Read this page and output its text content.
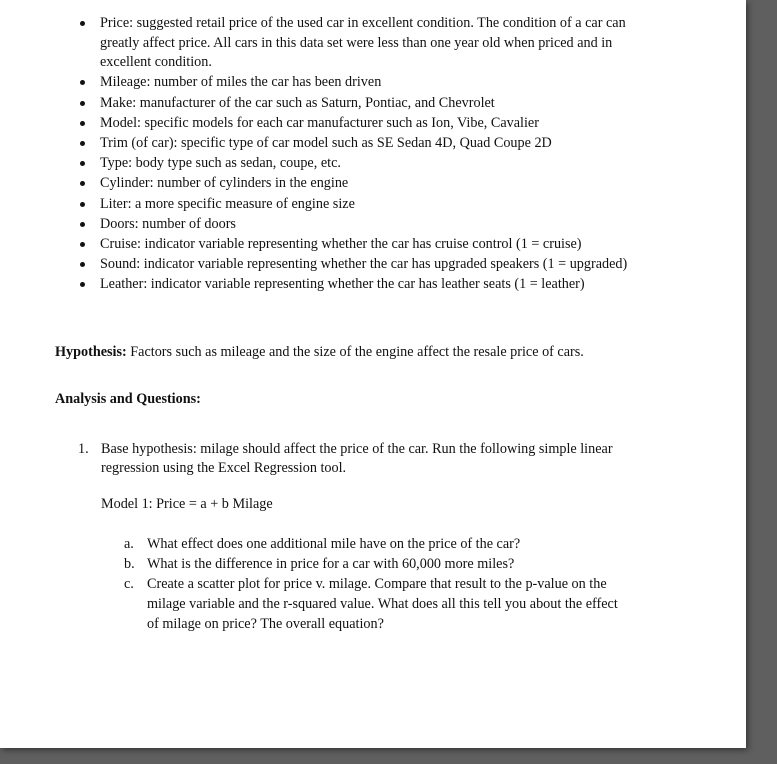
Price: suggested retail price of the used car in excellent condition. The condition of a car can greatly affect price. All cars in this data set were less than one year old when priced and in excellent condition.
Mileage: number of miles the car has been driven
Make: manufacturer of the car such as Saturn, Pontiac, and Chevrolet
Model: specific models for each car manufacturer such as Ion, Vibe, Cavalier
Trim (of car): specific type of car model such as SE Sedan 4D, Quad Coupe 2D
Type: body type such as sedan, coupe, etc.
Cylinder: number of cylinders in the engine
Liter: a more specific measure of engine size
Doors: number of doors
Cruise: indicator variable representing whether the car has cruise control (1 = cruise)
Sound: indicator variable representing whether the car has upgraded speakers (1 = upgraded)
Leather: indicator variable representing whether the car has leather seats (1 = leather)

Hypothesis: Factors such as mileage and the size of the engine affect the resale price of cars.

Analysis and Questions:

1. Base hypothesis: milage should affect the price of the car. Run the following simple linear regression using the Excel Regression tool.
Model 1: Price = a + b Milage
a. What effect does one additional mile have on the price of the car?
b. What is the difference in price for a car with 60,000 more miles?
c. Create a scatter plot for price v. milage. Compare that result to the p-value on the milage variable and the r-squared value. What does all this tell you about the effect of milage on price? The overall equation?
